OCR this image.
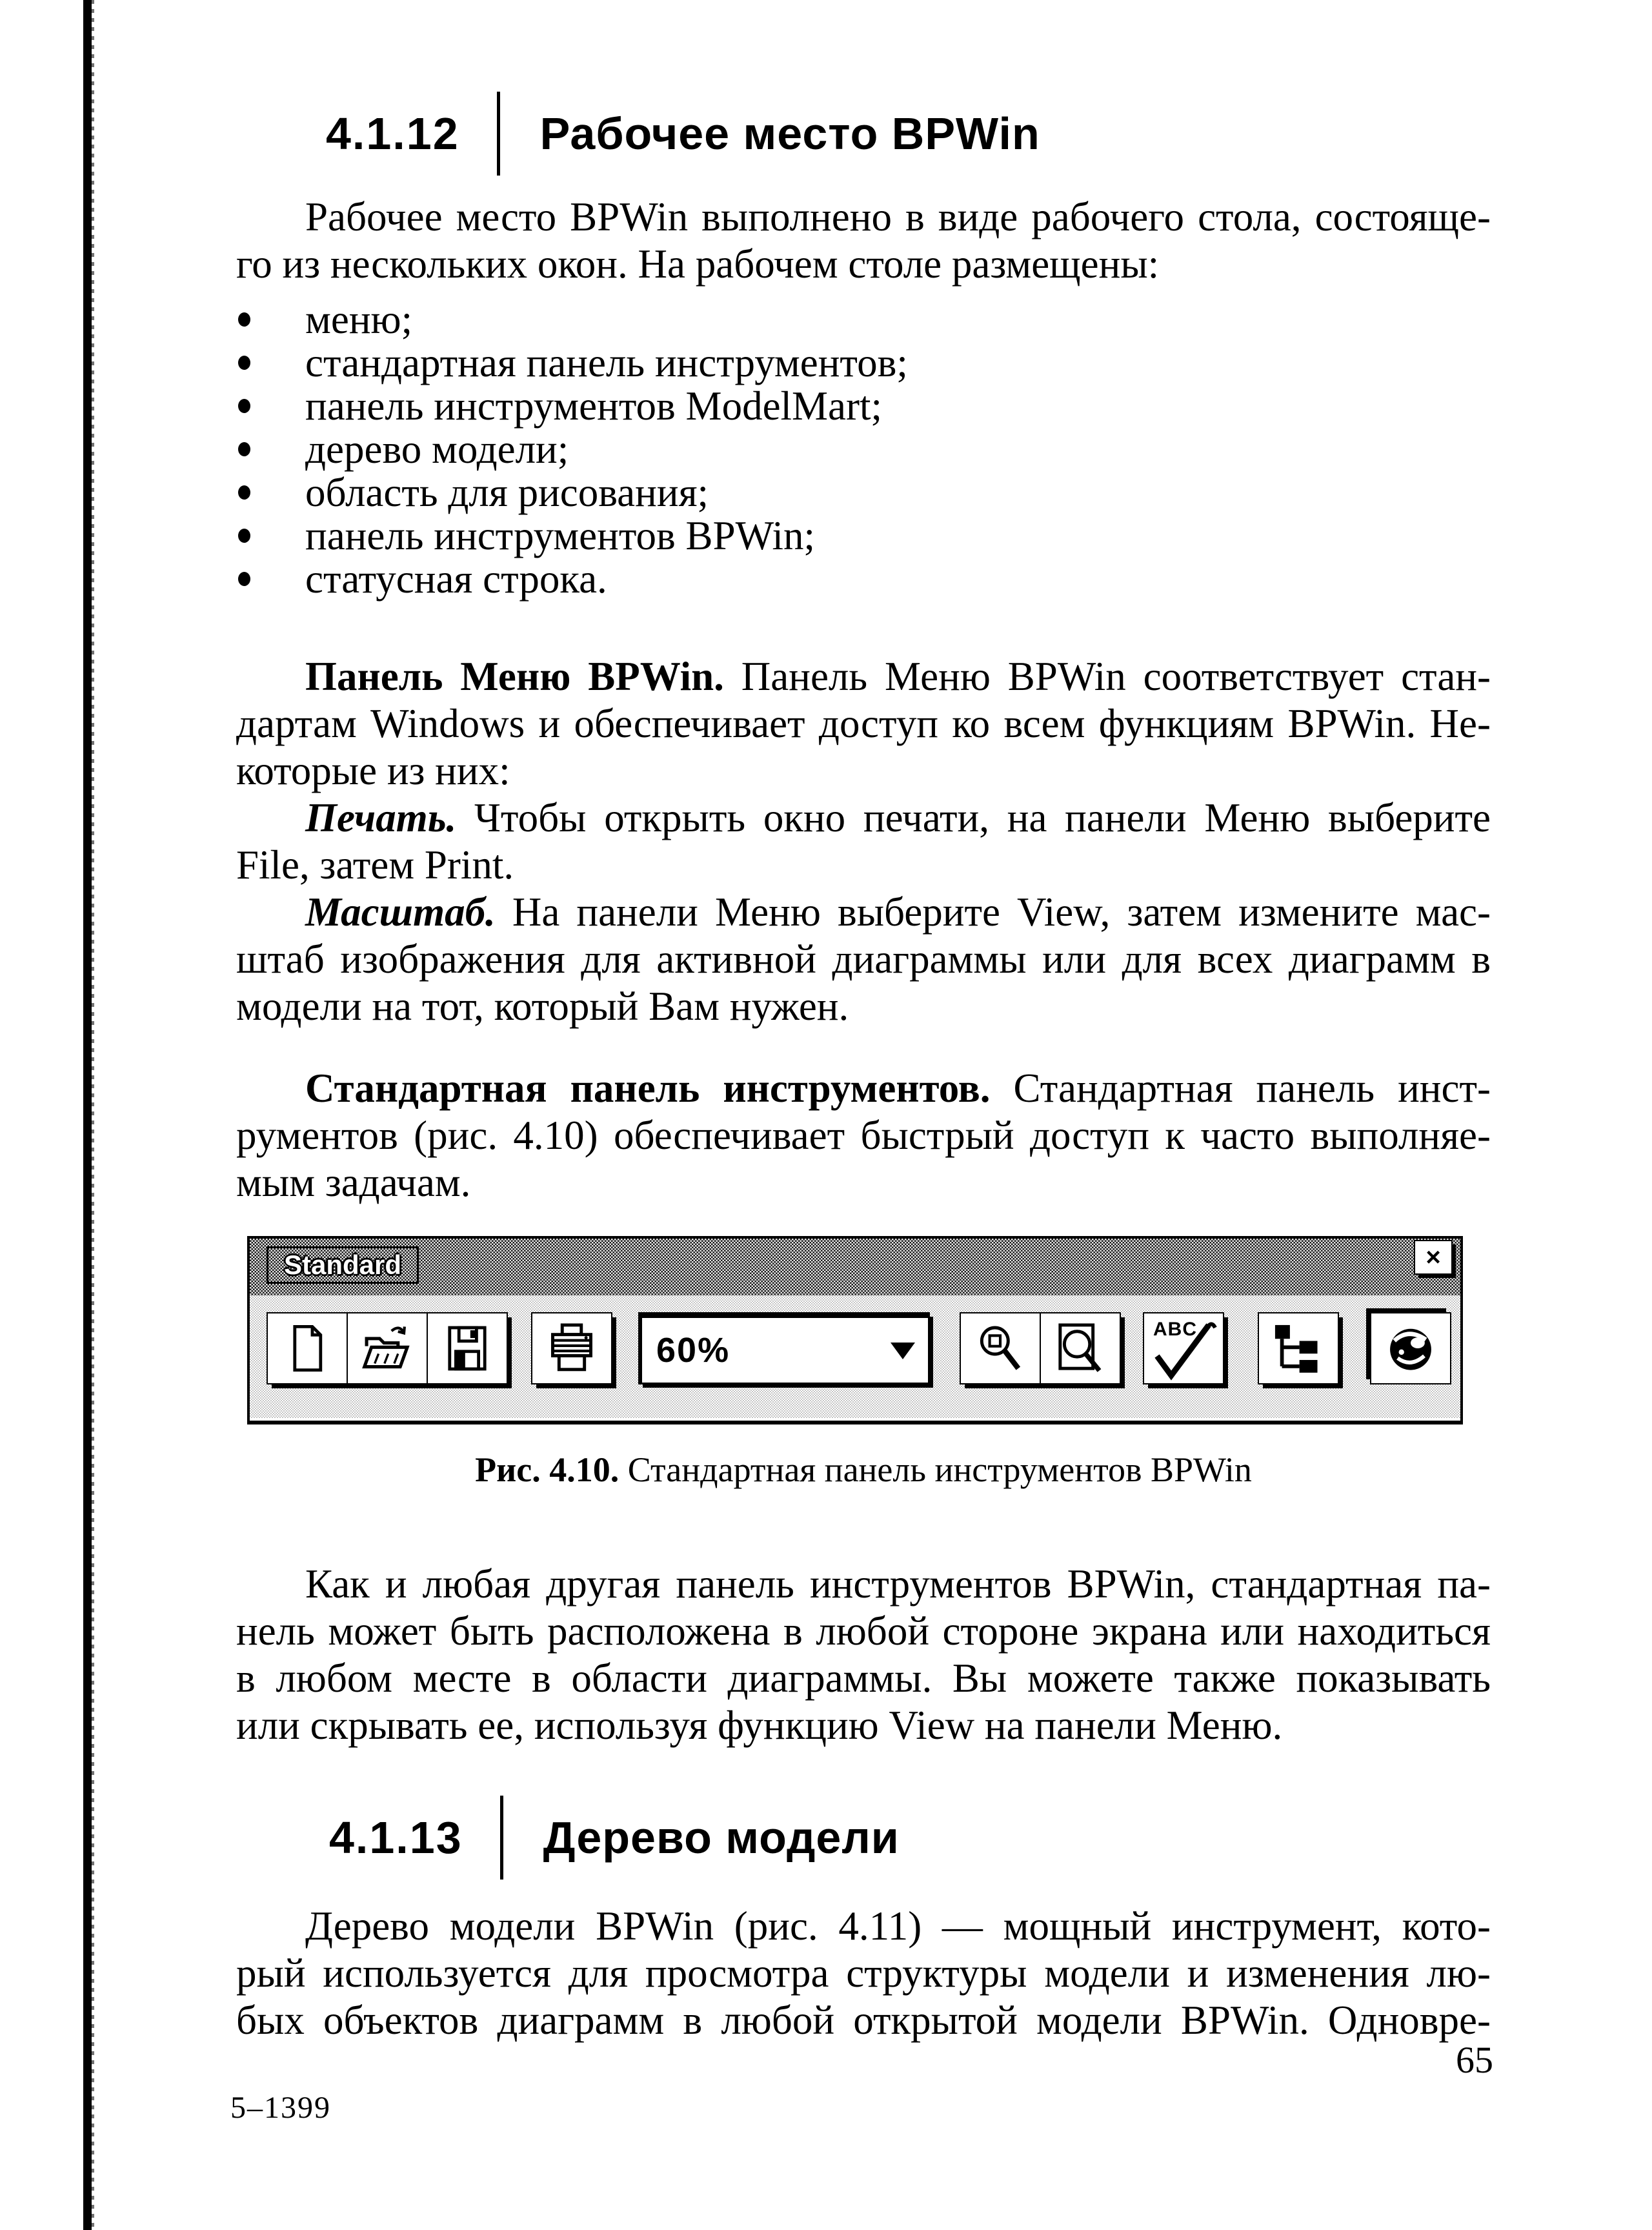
4.1.12 Рабочее место BPWin
Рабочее место BPWin выполнено в виде рабочего стола, состояще-
го из нескольких окон. На рабочем столе размещены:
меню;
стандартная панель инструментов;
панель инструментов ModelMart;
дерево модели;
область для рисования;
панель инструментов BPWin;
статусная строка.
Панель Меню BPWin. Панель Меню BPWin соответствует стан-
дартам Windows и обеспечивает доступ ко всем функциям BPWin. Не-
которые из них:
Печать. Чтобы открыть окно печати, на панели Меню выберите
File, затем Print.
Масштаб. На панели Меню выберите View, затем измените мас-
штаб изображения для активной диаграммы или для всех диаграмм в
модели на тот, который Вам нужен.
Стандартная панель инструментов. Стандартная панель инст-
рументов (рис. 4.10) обеспечивает быстрый доступ к часто выполняе-
мым задачам.
Standard	×
60%
ABC
Рис. 4.10. Стандартная панель инструментов BPWin
Как и любая другая панель инструментов BPWin, стандартная па-
нель может быть расположена в любой стороне экрана или находиться
в любом месте в области диаграммы. Вы можете также показывать
или скрывать ее, используя функцию View на панели Меню.
4.1.13 Дерево модели
Дерево модели BPWin (рис. 4.11) — мощный инструмент, кото-
рый используется для просмотра структуры модели и изменения лю-
бых объектов диаграмм в любой открытой модели BPWin. Одновре-
65
5–1399
